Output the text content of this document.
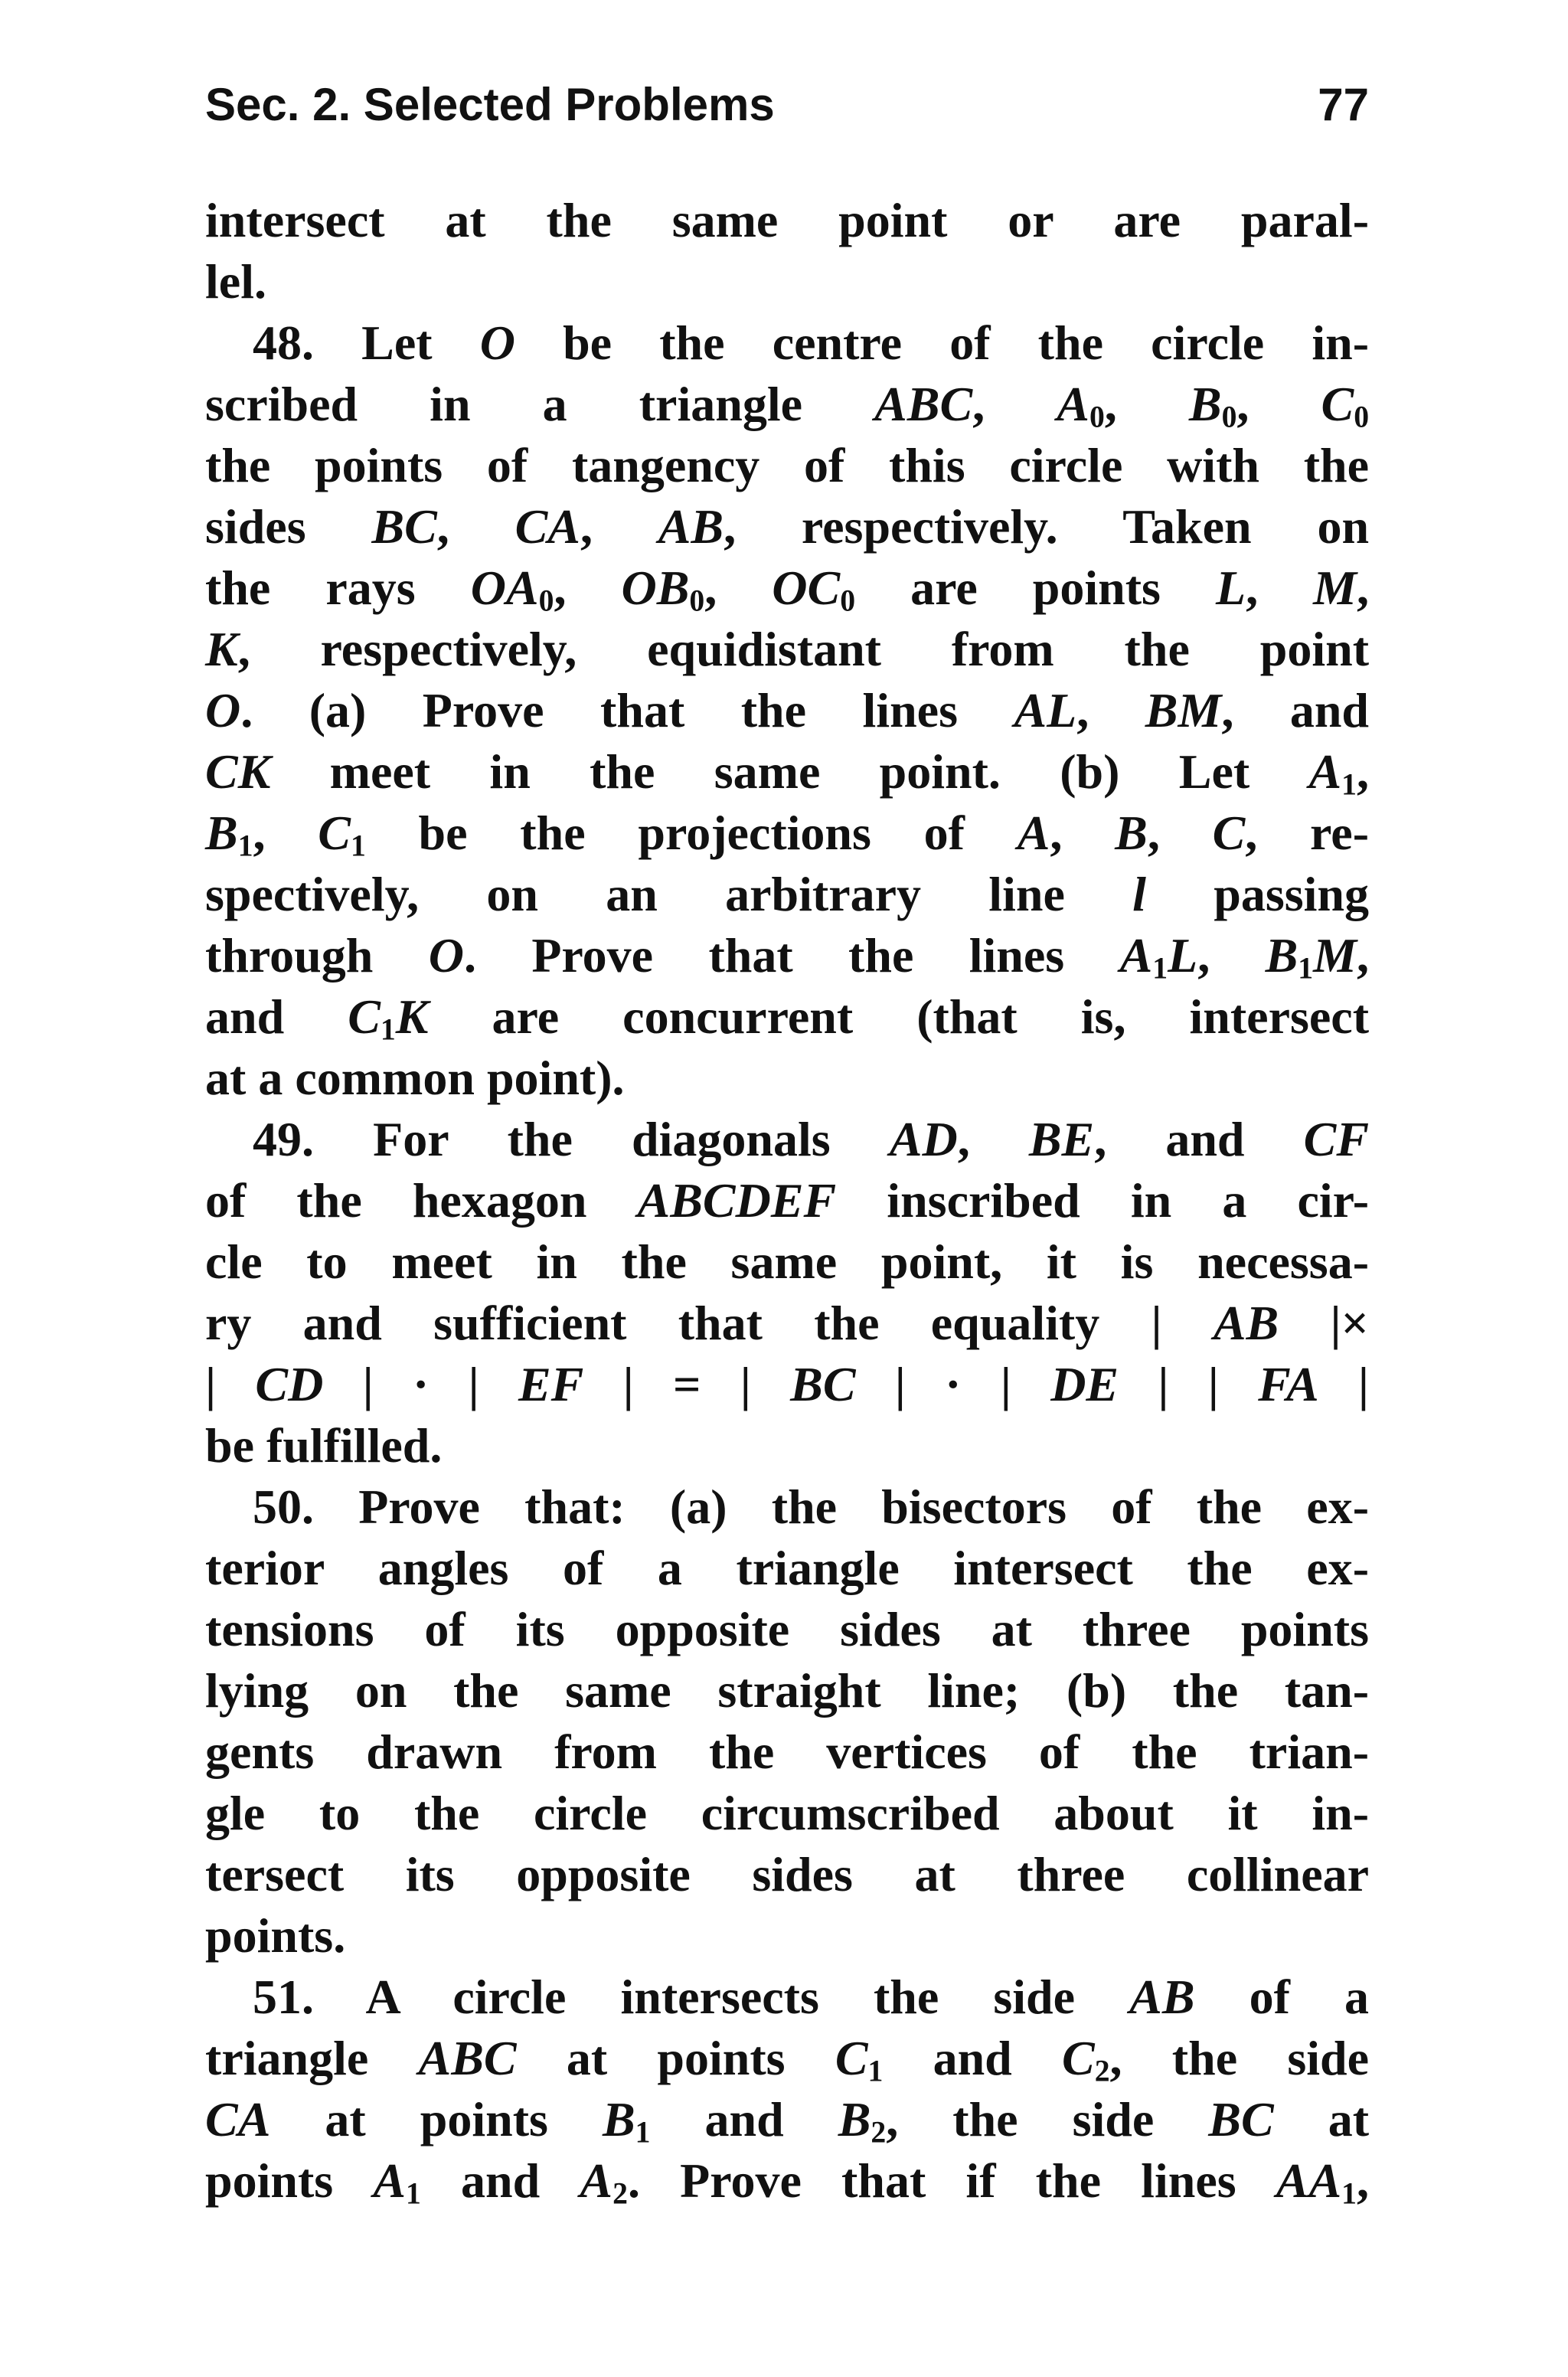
Sec. 2. Selected Problems	77
intersect at the same point or are paral-
lel.
48. Let O be the centre of the circle in-
scribed in a triangle ABC, $A_0$, $B_0$, $C_0$
the points of tangency of this circle with the
sides BC, CA, AB, respectively. Taken on
the rays $OA_0$, $OB_0$, $OC_0$ are points L, M,
K, respectively, equidistant from the point
O. (a) Prove that the lines AL, BM, and
CK meet in the same point. (b) Let $A_1$,
$B_1$, $C_1$ be the projections of A, B, C, re-
spectively, on an arbitrary line l passing
through O. Prove that the lines $A_1L$, $B_1M$,
and $C_1K$ are concurrent (that is, intersect
at a common point).
49. For the diagonals AD, BE, and CF
of the hexagon ABCDEF inscribed in a cir-
cle to meet in the same point, it is necessa-
ry and sufficient that the equality | AB |×
| CD | · | EF | = | BC | · | DE | | FA |
be fulfilled.
50. Prove that: (a) the bisectors of the ex-
terior angles of a triangle intersect the ex-
tensions of its opposite sides at three points
lying on the same straight line; (b) the tan-
gents drawn from the vertices of the trian-
gle to the circle circumscribed about it in-
tersect its opposite sides at three collinear
points.
51. A circle intersects the side AB of a
triangle ABC at points $C_1$ and $C_2$, the side
CA at points $B_1$ and $B_2$, the side BC at
points $A_1$ and $A_2$. Prove that if the lines $AA_1$,
